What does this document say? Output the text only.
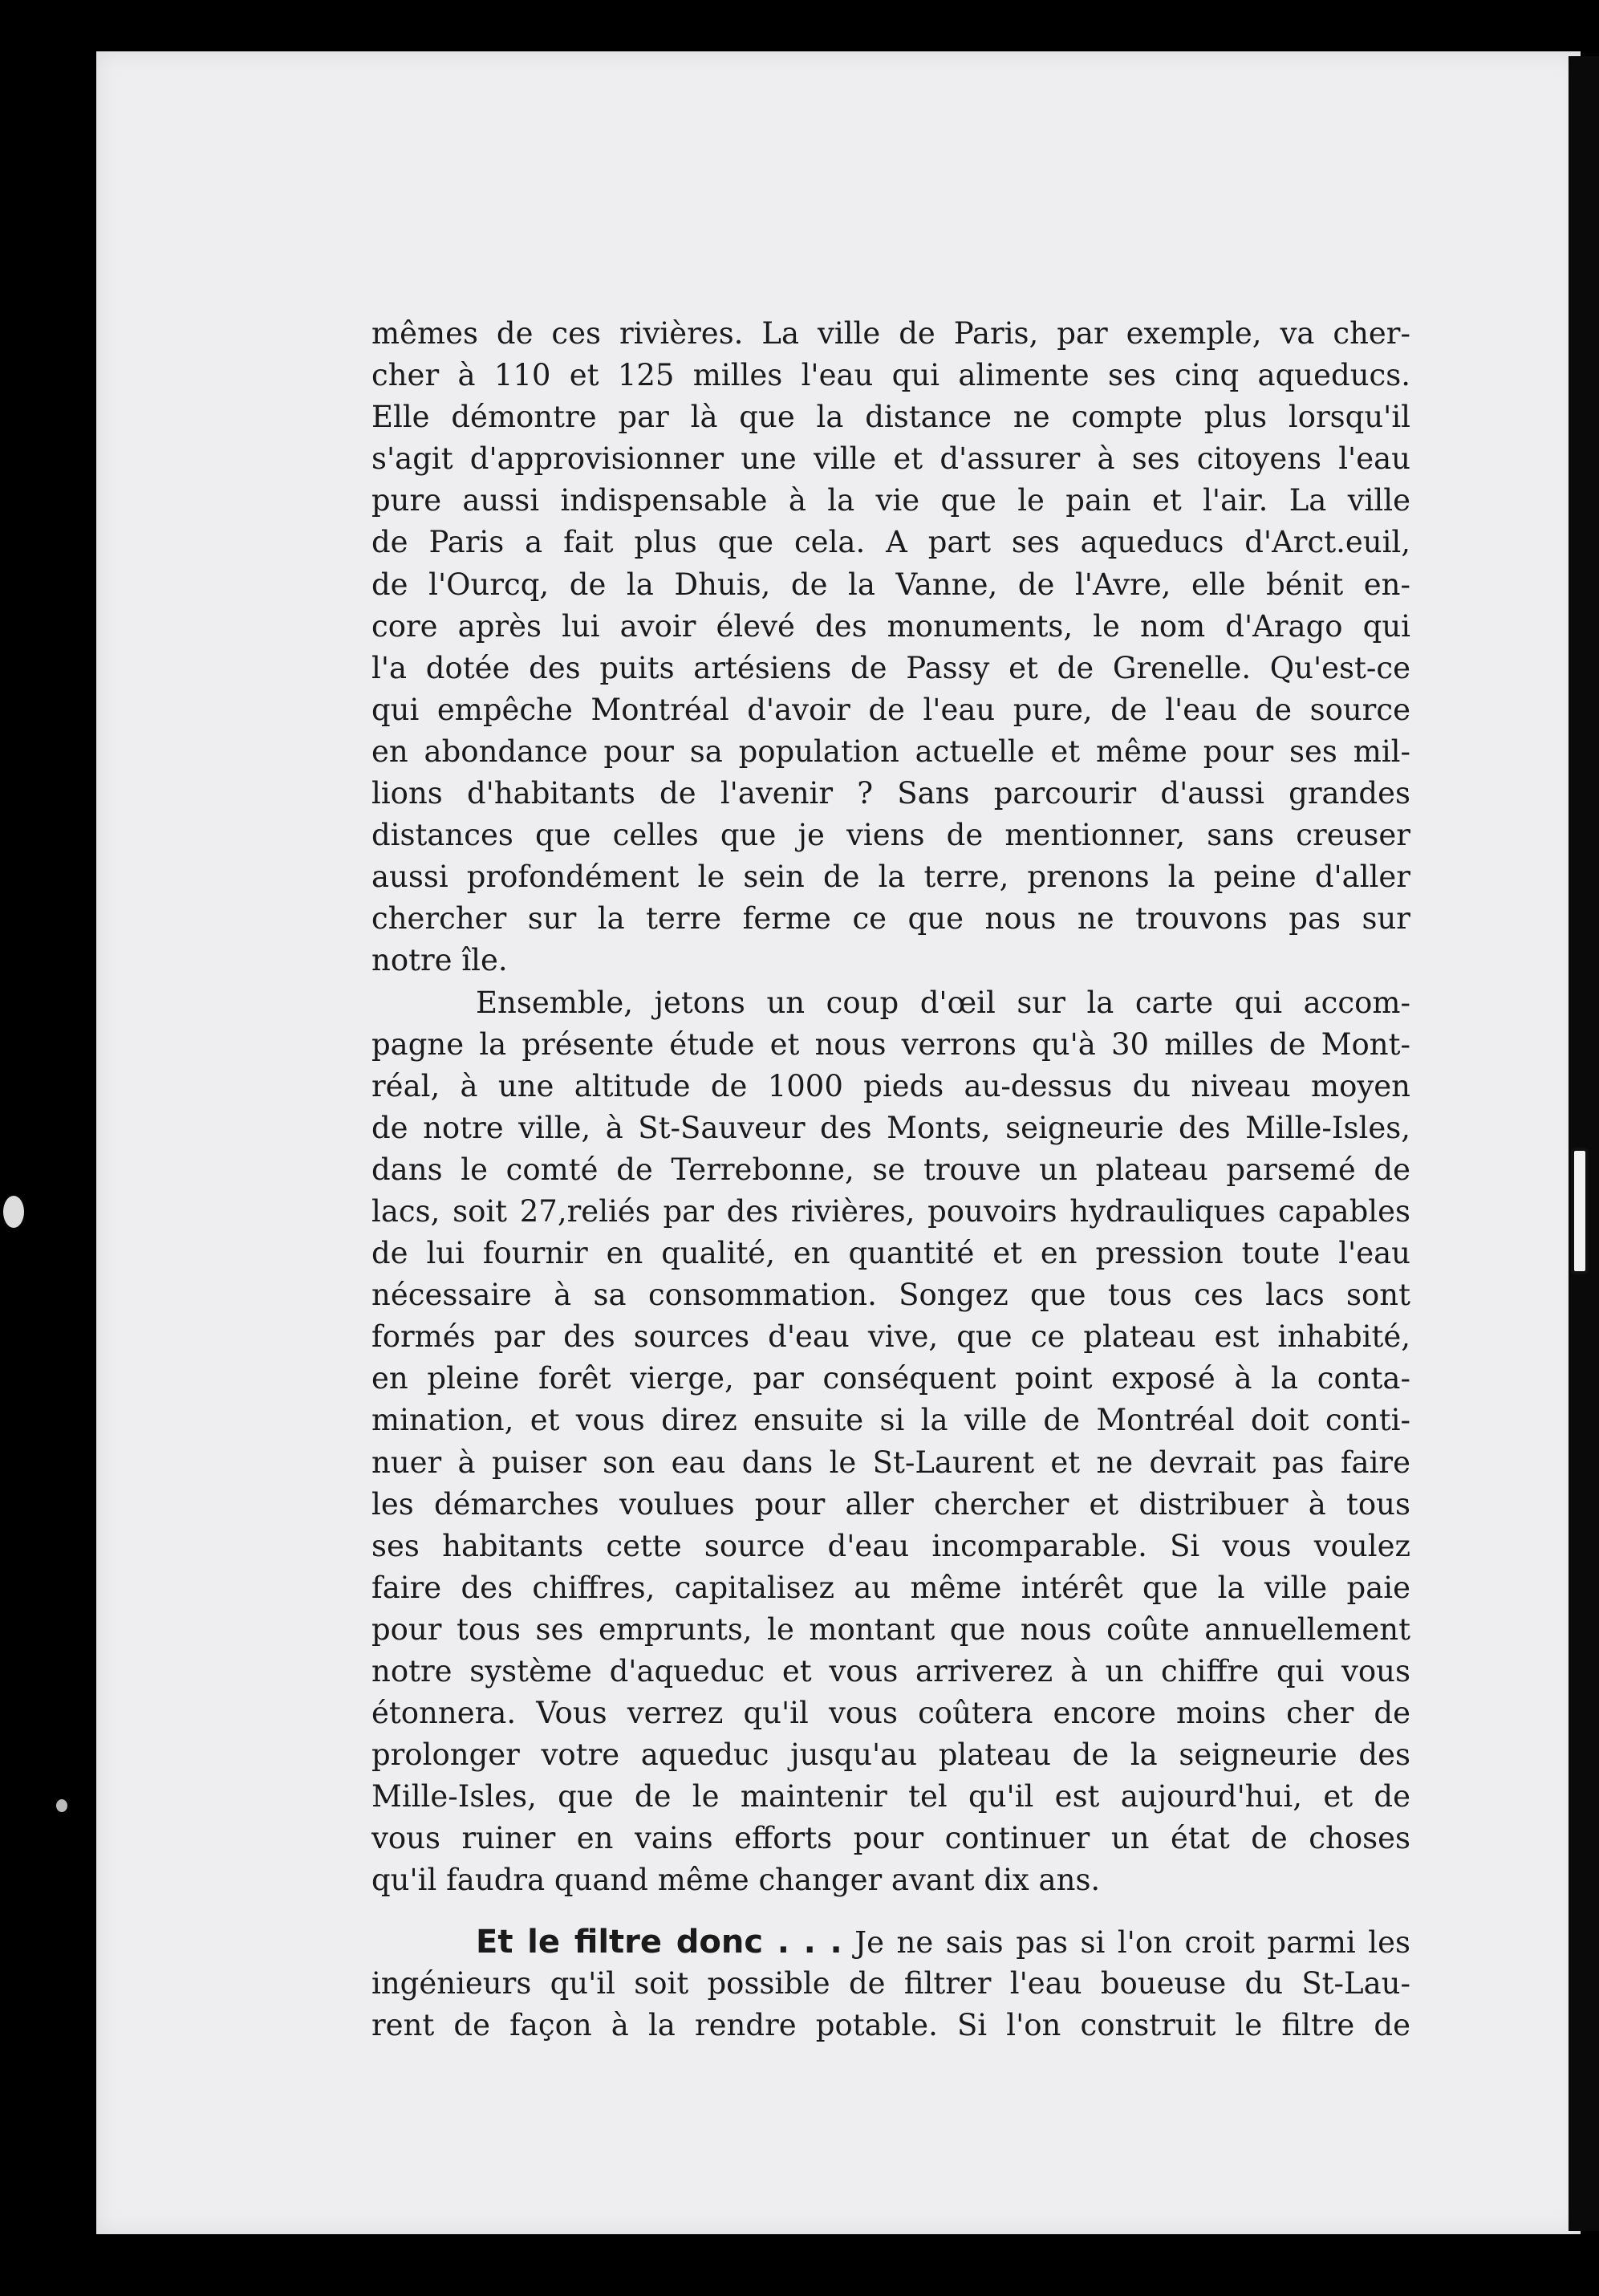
mêmes de ces rivières. La ville de Paris, par exemple, va cher-
cher à 110 et 125 milles l'eau qui alimente ses cinq aqueducs.
Elle démontre par là que la distance ne compte plus lorsqu'il
s'agit d'approvisionner une ville et d'assurer à ses citoyens l'eau
pure aussi indispensable à la vie que le pain et l'air. La ville
de Paris a fait plus que cela. A part ses aqueducs d'Arct.euil,
de l'Ourcq, de la Dhuis, de la Vanne, de l'Avre, elle bénit en-
core après lui avoir élevé des monuments, le nom d'Arago qui
l'a dotée des puits artésiens de Passy et de Grenelle. Qu'est-ce
qui empêche Montréal d'avoir de l'eau pure, de l'eau de source
en abondance pour sa population actuelle et même pour ses mil-
lions d'habitants de l'avenir ? Sans parcourir d'aussi grandes
distances que celles que je viens de mentionner, sans creuser
aussi profondément le sein de la terre, prenons la peine d'aller
chercher sur la terre ferme ce que nous ne trouvons pas sur
notre île.
Ensemble, jetons un coup d'œil sur la carte qui accom-
pagne la présente étude et nous verrons qu'à 30 milles de Mont-
réal, à une altitude de 1000 pieds au-dessus du niveau moyen
de notre ville, à St-Sauveur des Monts, seigneurie des Mille-Isles,
dans le comté de Terrebonne, se trouve un plateau parsemé de
lacs, soit 27,reliés par des rivières, pouvoirs hydrauliques capables
de lui fournir en qualité, en quantité et en pression toute l'eau
nécessaire à sa consommation. Songez que tous ces lacs sont
formés par des sources d'eau vive, que ce plateau est inhabité,
en pleine forêt vierge, par conséquent point exposé à la conta-
mination, et vous direz ensuite si la ville de Montréal doit conti-
nuer à puiser son eau dans le St-Laurent et ne devrait pas faire
les démarches voulues pour aller chercher et distribuer à tous
ses habitants cette source d'eau incomparable. Si vous voulez
faire des chiffres, capitalisez au même intérêt que la ville paie
pour tous ses emprunts, le montant que nous coûte annuellement
notre système d'aqueduc et vous arriverez à un chiffre qui vous
étonnera. Vous verrez qu'il vous coûtera encore moins cher de
prolonger votre aqueduc jusqu'au plateau de la seigneurie des
Mille-Isles, que de le maintenir tel qu'il est aujourd'hui, et de
vous ruiner en vains efforts pour continuer un état de choses
qu'il faudra quand même changer avant dix ans.
Et le filtre donc . . . Je ne sais pas si l'on croit parmi les
ingénieurs qu'il soit possible de filtrer l'eau boueuse du St-Lau-
rent de façon à la rendre potable. Si l'on construit le filtre de
